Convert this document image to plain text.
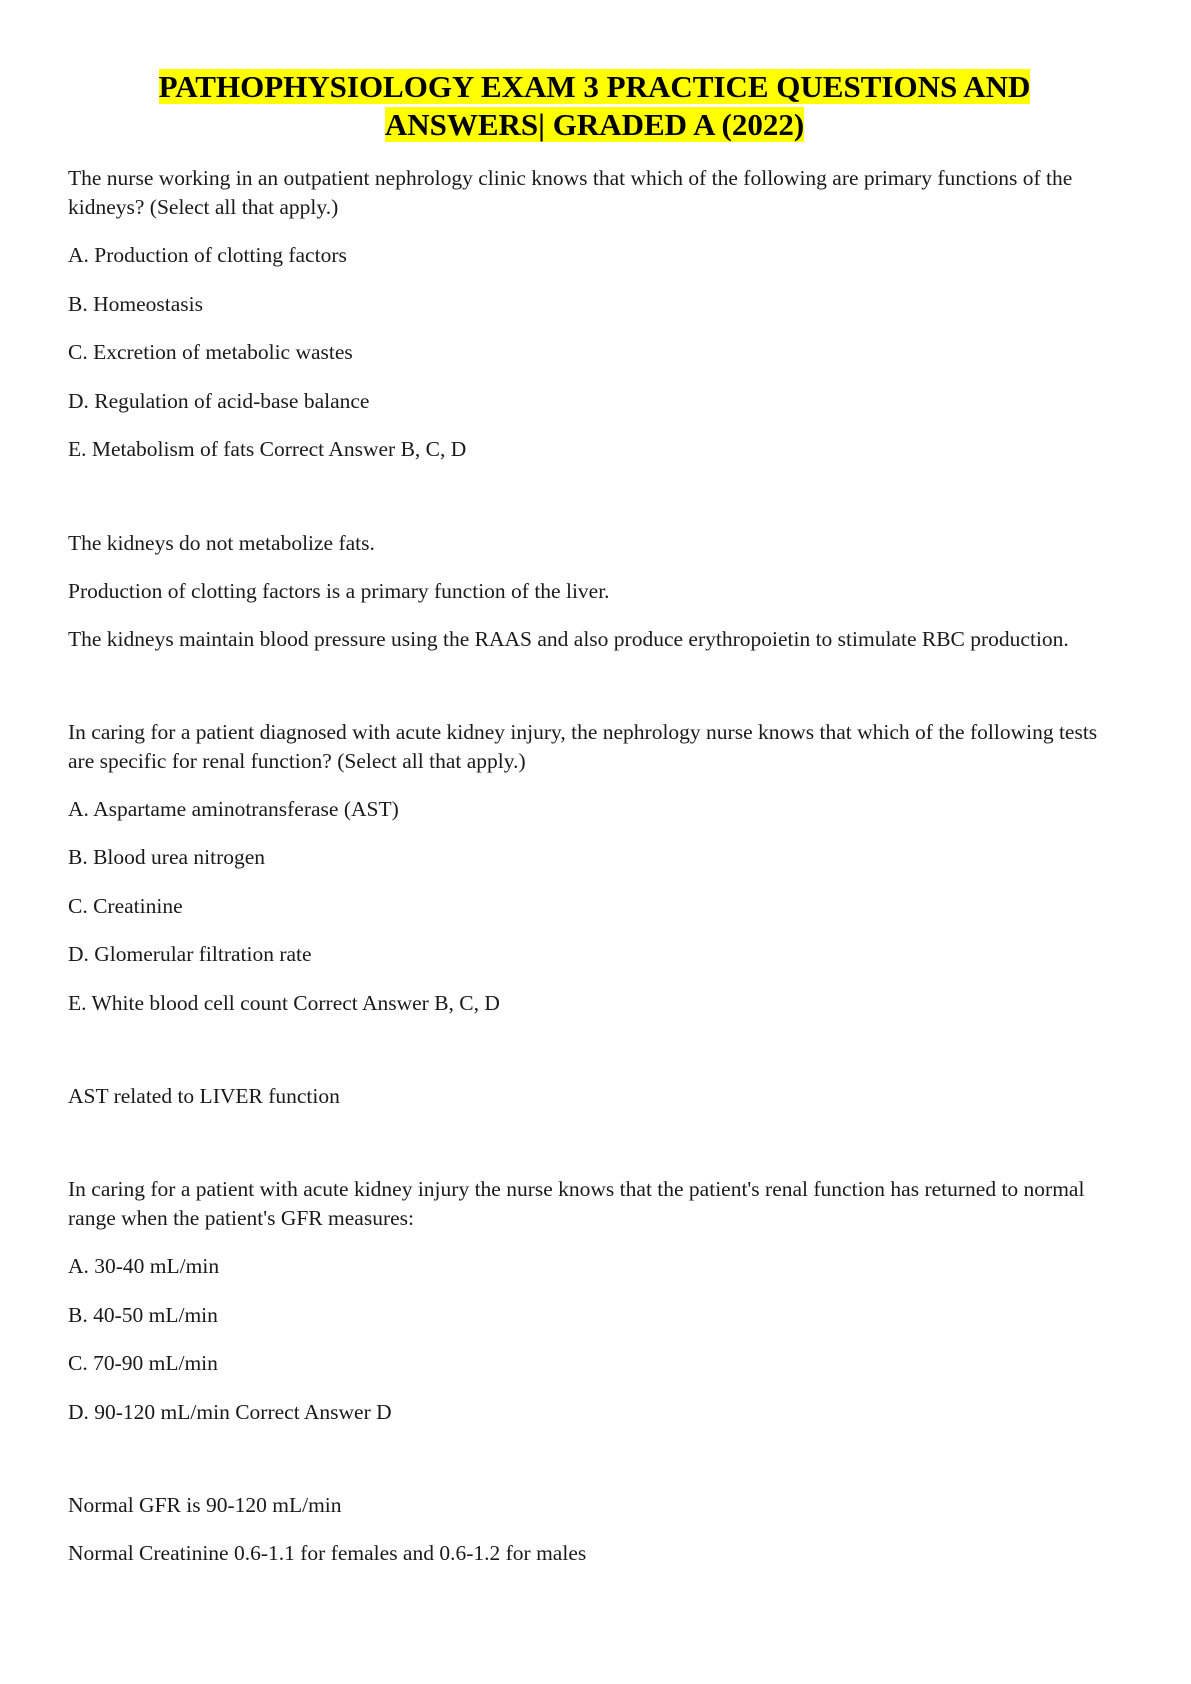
PATHOPHYSIOLOGY EXAM 3 PRACTICE QUESTIONS AND
ANSWERS| GRADED A (2022)
The nurse working in an outpatient nephrology clinic knows that which of the following are primary functions of the kidneys? (Select all that apply.)
A. Production of clotting factors
B. Homeostasis
C. Excretion of metabolic wastes
D. Regulation of acid-base balance
E. Metabolism of fats Correct Answer B, C, D
The kidneys do not metabolize fats.
Production of clotting factors is a primary function of the liver.
The kidneys maintain blood pressure using the RAAS and also produce erythropoietin to stimulate RBC production.
In caring for a patient diagnosed with acute kidney injury, the nephrology nurse knows that which of the following tests are specific for renal function? (Select all that apply.)
A. Aspartame aminotransferase (AST)
B. Blood urea nitrogen
C. Creatinine
D. Glomerular filtration rate
E. White blood cell count Correct Answer B, C, D
AST related to LIVER function
In caring for a patient with acute kidney injury the nurse knows that the patient's renal function has returned to normal range when the patient's GFR measures:
A. 30-40 mL/min
B. 40-50 mL/min
C. 70-90 mL/min
D. 90-120 mL/min Correct Answer D
Normal GFR is 90-120 mL/min
Normal Creatinine 0.6-1.1 for females and 0.6-1.2 for males
